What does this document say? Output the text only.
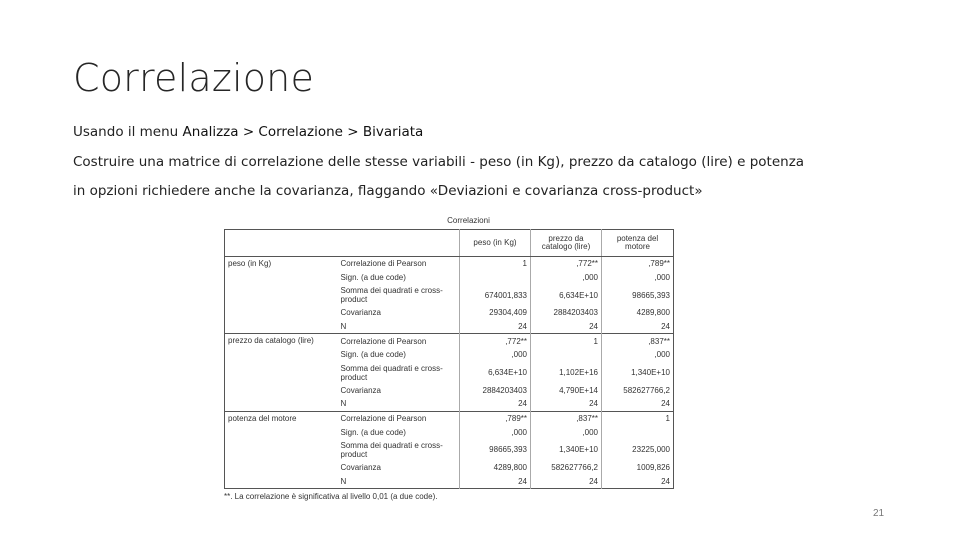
Correlazione
Usando il menu Analizza > Correlazione > Bivariata
Costruire una matrice di correlazione delle stesse variabili - peso (in Kg), prezzo da catalogo (lire) e potenza
in opzioni richiedere anche la covarianza, flaggando «Deviazioni e covarianza cross-product»
Correlazioni
		peso (in Kg)	prezzo da catalogo (lire)	potenza del motore
peso (in Kg)	Correlazione di Pearson	1	,772**	,789**
	Sign. (a due code)		,000	,000
	Somma dei quadrati e cross-product	674001,833	6,634E+10	98665,393
	Covarianza	29304,409	2884203403	4289,800
	N	24	24	24
prezzo da catalogo (lire)	Correlazione di Pearson	,772**	1	,837**
	Sign. (a due code)	,000		,000
	Somma dei quadrati e cross-product	6,634E+10	1,102E+16	1,340E+10
	Covarianza	2884203403	4,790E+14	582627766,2
	N	24	24	24
potenza del motore	Correlazione di Pearson	,789**	,837**	1
	Sign. (a due code)	,000	,000	
	Somma dei quadrati e cross-product	98665,393	1,340E+10	23225,000
	Covarianza	4289,800	582627766,2	1009,826
	N	24	24	24
**. La correlazione è significativa al livello 0,01 (a due code).
21
